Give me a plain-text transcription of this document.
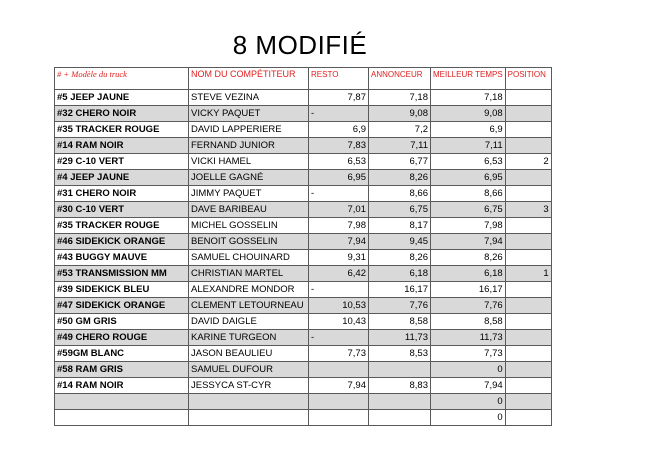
8 MODIFIÉ
# + Modèle du truck	NOM DU COMPÉTITEUR	RESTO	ANNONCEUR	MEILLEUR TEMPS	POSITION
#5 JEEP JAUNE	STEVE VEZINA	7,87	7,18	7,18	
#32 CHERO NOIR	VICKY PAQUET	-	9,08	9,08	
#35 TRACKER ROUGE	DAVID LAPPERIERE	6,9	7,2	6,9	
#14 RAM NOIR	FERNAND JUNIOR	7,83	7,11	7,11	
#29 C-10 VERT	VICKI HAMEL	6,53	6,77	6,53	2
#4 JEEP JAUNE	JOELLE GAGNÉ	6,95	8,26	6,95	
#31 CHERO NOIR	JIMMY PAQUET	-	8,66	8,66	
#30 C-10 VERT	DAVE BARIBEAU	7,01	6,75	6,75	3
#35 TRACKER ROUGE	MICHEL GOSSELIN	7,98	8,17	7,98	
#46 SIDEKICK ORANGE	BENOIT GOSSELIN	7,94	9,45	7,94	
#43 BUGGY MAUVE	SAMUEL CHOUINARD	9,31	8,26	8,26	
#53 TRANSMISSION MM	CHRISTIAN MARTEL	6,42	6,18	6,18	1
#39 SIDEKICK BLEU	ALEXANDRE MONDOR	-	16,17	16,17	
#47 SIDEKICK ORANGE	CLEMENT LETOURNEAU	10,53	7,76	7,76	
#50 GM GRIS	DAVID DAIGLE	10,43	8,58	8,58	
#49 CHERO ROUGE	KARINE TURGEON	-	11,73	11,73	
#59GM BLANC	JASON BEAULIEU	7,73	8,53	7,73	
#58 RAM GRIS	SAMUEL DUFOUR			0	
#14 RAM NOIR	JESSYCA ST-CYR	7,94	8,83	7,94	
				0	
				0	
